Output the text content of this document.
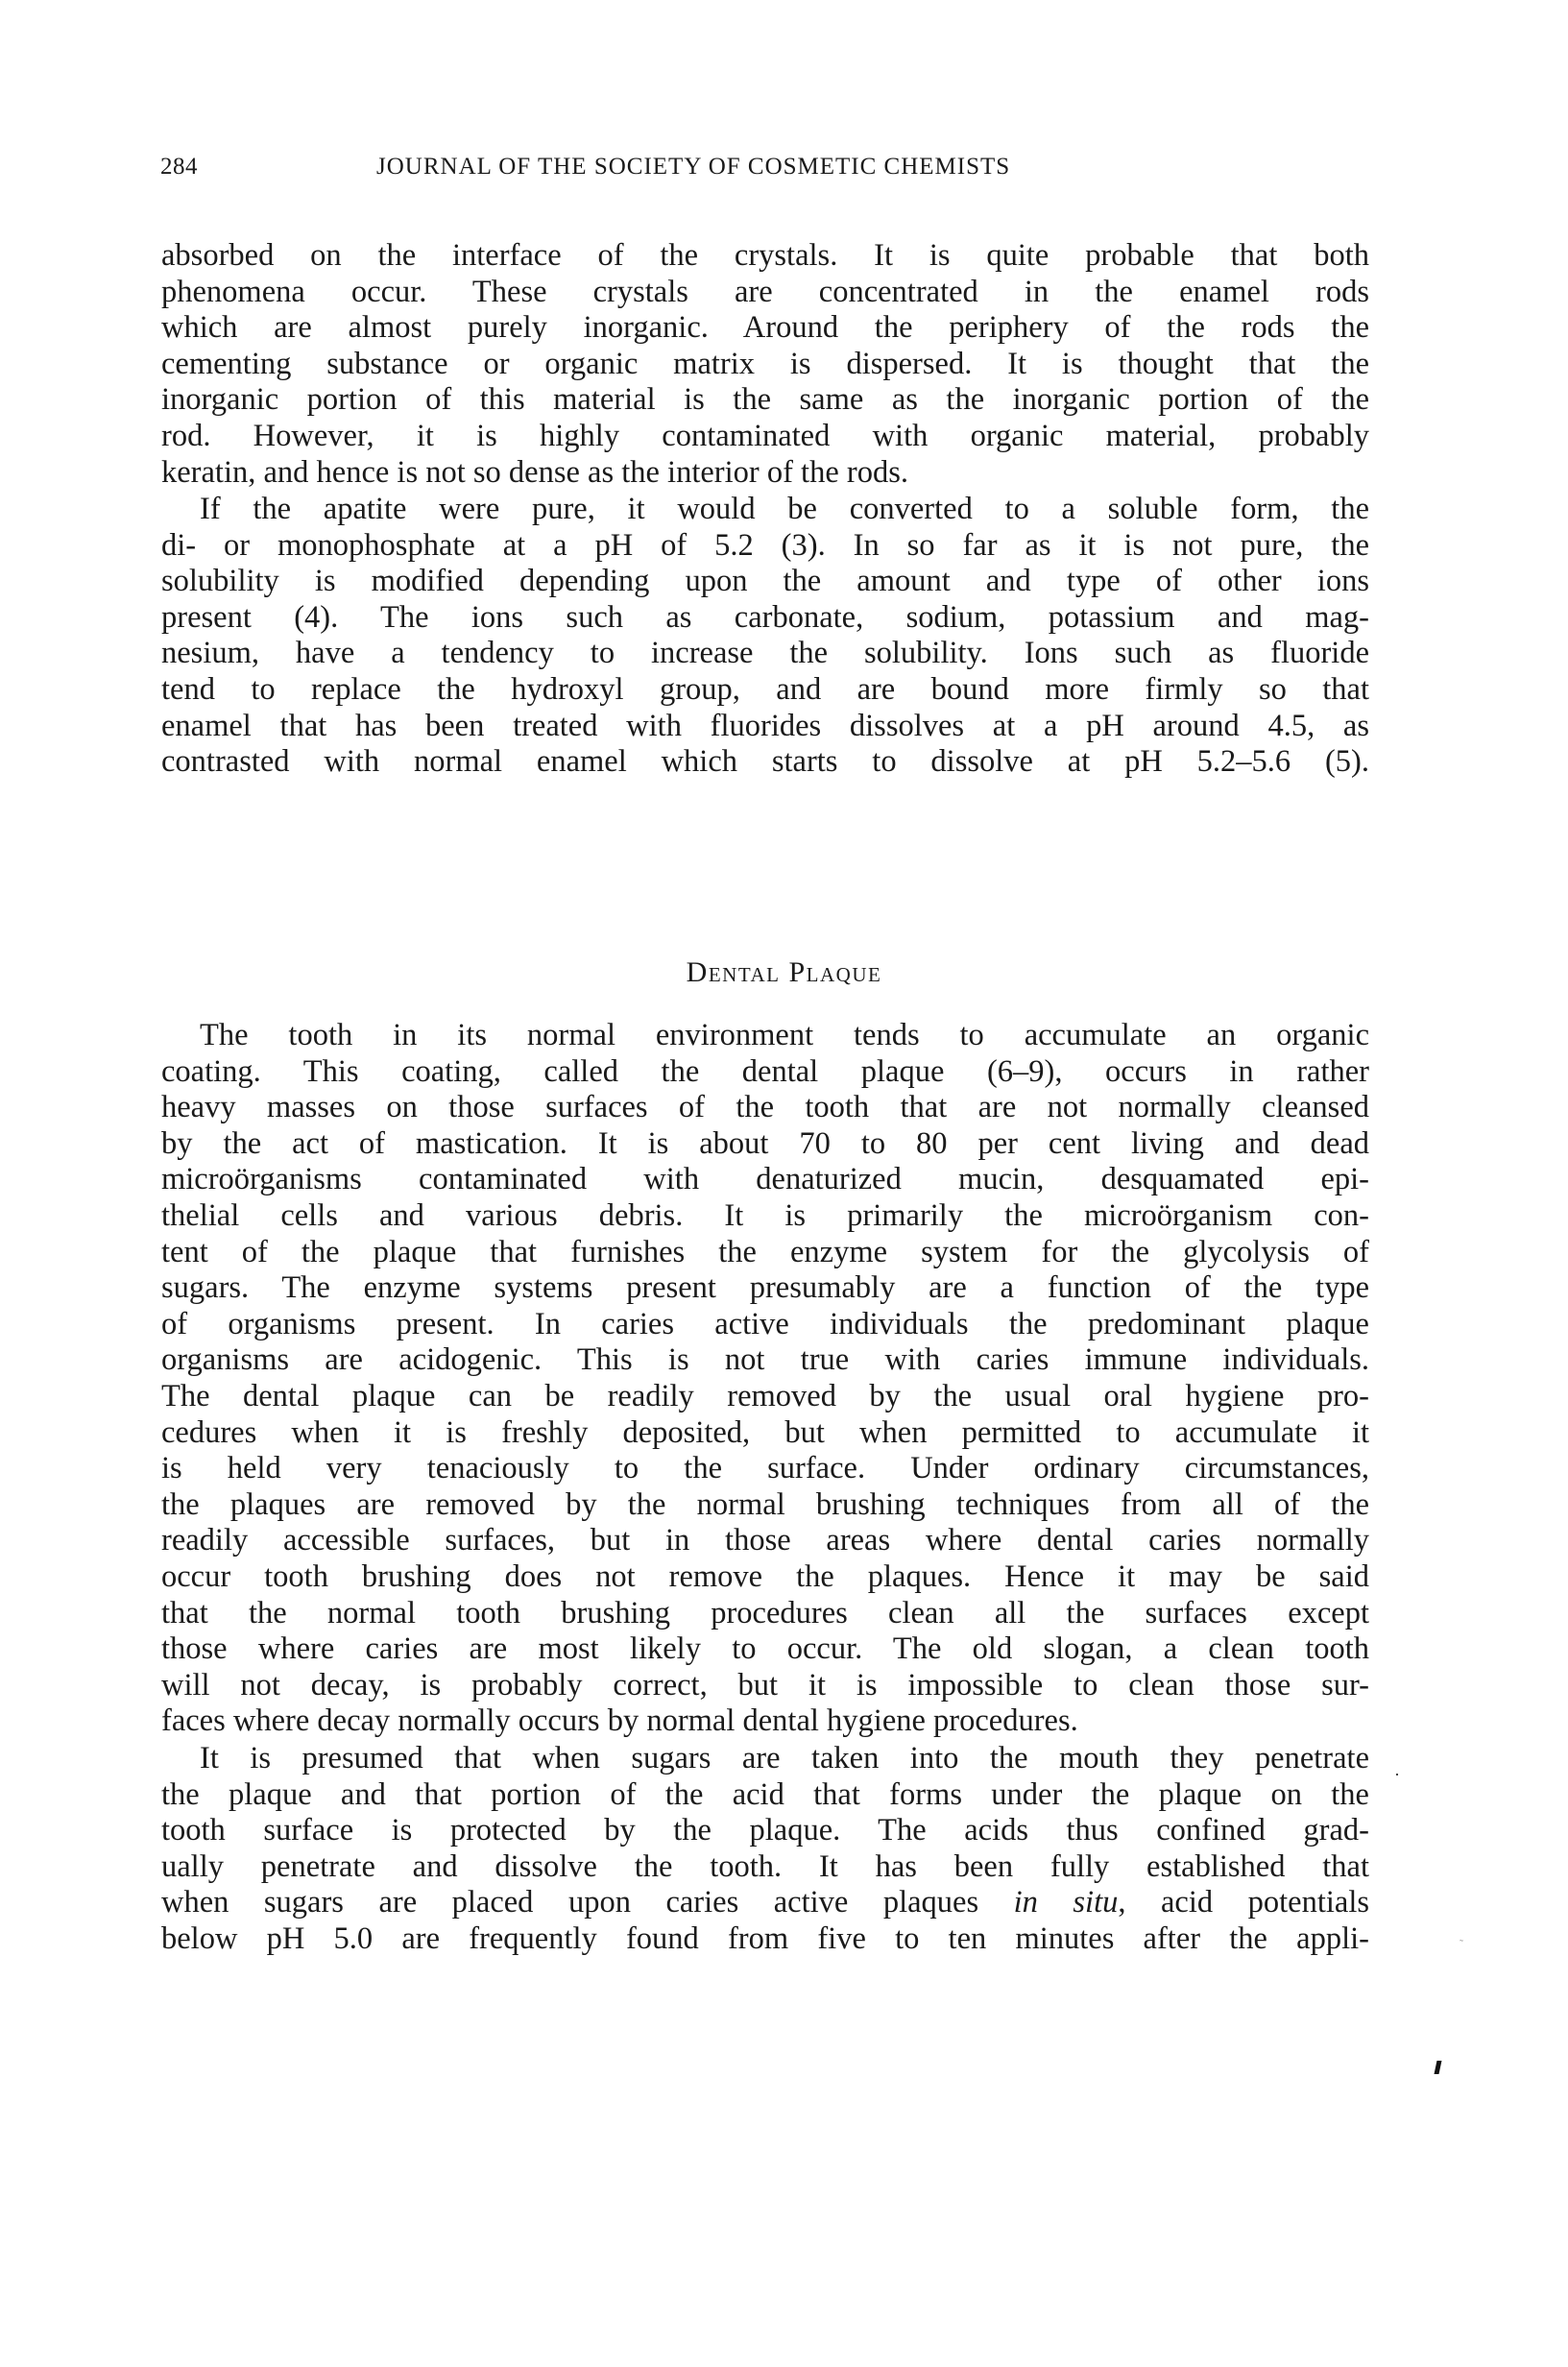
284	JOURNAL OF THE SOCIETY OF COSMETIC CHEMISTS
absorbed on the interface of the crystals. It is quite probable that both
phenomena occur. These crystals are concentrated in the enamel rods
which are almost purely inorganic. Around the periphery of the rods the
cementing substance or organic matrix is dispersed. It is thought that the
inorganic portion of this material is the same as the inorganic portion of the
rod. However, it is highly contaminated with organic material, probably
keratin, and hence is not so dense as the interior of the rods.
If the apatite were pure, it would be converted to a soluble form, the
di- or monophosphate at a pH of 5.2 (3). In so far as it is not pure, the
solubility is modified depending upon the amount and type of other ions
present (4). The ions such as carbonate, sodium, potassium and mag-
nesium, have a tendency to increase the solubility. Ions such as fluoride
tend to replace the hydroxyl group, and are bound more firmly so that
enamel that has been treated with fluorides dissolves at a pH around 4.5, as
contrasted with normal enamel which starts to dissolve at pH 5.2–5.6 (5).
Dental Plaque
The tooth in its normal environment tends to accumulate an organic
coating. This coating, called the dental plaque (6–9), occurs in rather
heavy masses on those surfaces of the tooth that are not normally cleansed
by the act of mastication. It is about 70 to 80 per cent living and dead
microörganisms contaminated with denaturized mucin, desquamated epi-
thelial cells and various debris. It is primarily the microörganism con-
tent of the plaque that furnishes the enzyme system for the glycolysis of
sugars. The enzyme systems present presumably are a function of the type
of organisms present. In caries active individuals the predominant plaque
organisms are acidogenic. This is not true with caries immune individuals.
The dental plaque can be readily removed by the usual oral hygiene pro-
cedures when it is freshly deposited, but when permitted to accumulate it
is held very tenaciously to the surface. Under ordinary circumstances,
the plaques are removed by the normal brushing techniques from all of the
readily accessible surfaces, but in those areas where dental caries normally
occur tooth brushing does not remove the plaques. Hence it may be said
that the normal tooth brushing procedures clean all the surfaces except
those where caries are most likely to occur. The old slogan, a clean tooth
will not decay, is probably correct, but it is impossible to clean those sur-
faces where decay normally occurs by normal dental hygiene procedures.
It is presumed that when sugars are taken into the mouth they penetrate
the plaque and that portion of the acid that forms under the plaque on the
tooth surface is protected by the plaque. The acids thus confined grad-
ually penetrate and dissolve the tooth. It has been fully established that
when sugars are placed upon caries active plaques in situ, acid potentials
below pH 5.0 are frequently found from five to ten minutes after the appli-
·
˜
